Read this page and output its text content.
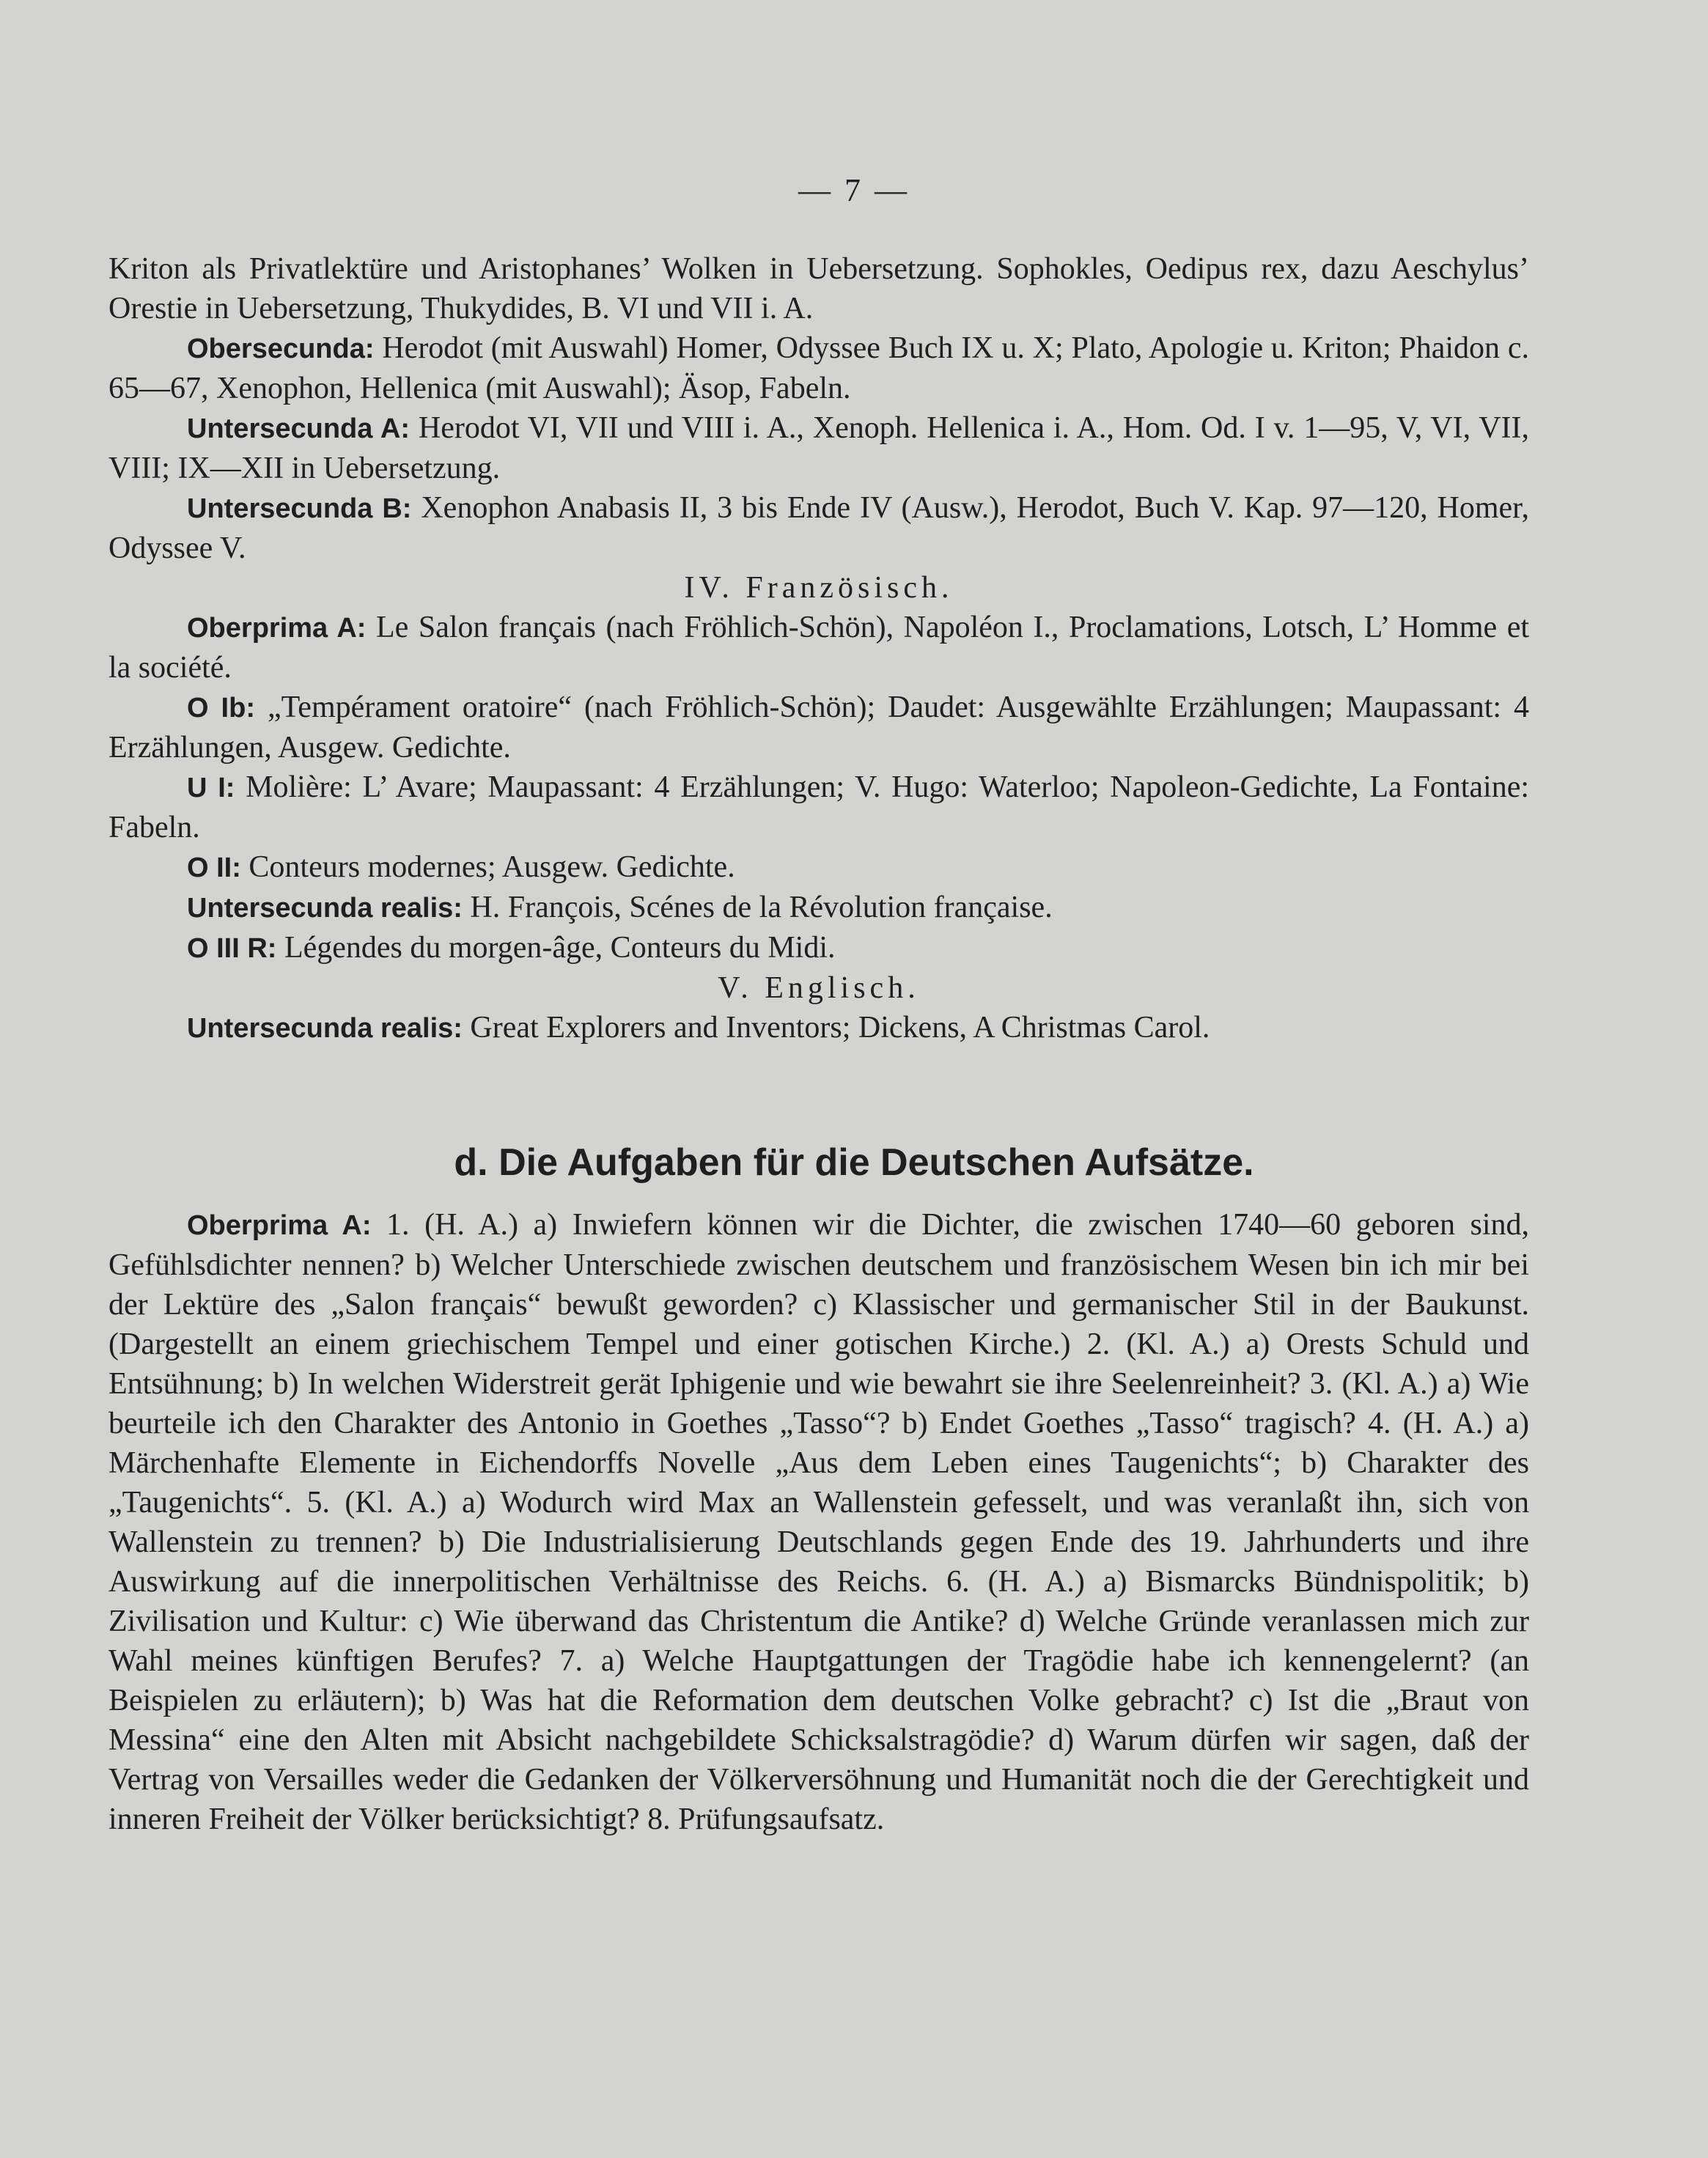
— 7 —

Kriton als Privatlektüre und Aristophanes’ Wolken in Uebersetzung. Sophokles, Oedipus rex, dazu Aeschylus’ Orestie in Uebersetzung, Thukydides, B. VI und VII i. A.

Obersecunda: Herodot (mit Auswahl) Homer, Odyssee Buch IX u. X; Plato, Apologie u. Kriton; Phaidon c. 65—67, Xenophon, Hellenica (mit Auswahl); Äsop, Fabeln.

Untersecunda A: Herodot VI, VII und VIII i. A., Xenoph. Hellenica i. A., Hom. Od. I v. 1—95, V, VI, VII, VIII; IX—XII in Uebersetzung.

Untersecunda B: Xenophon Anabasis II, 3 bis Ende IV (Ausw.), Herodot, Buch V. Kap. 97—120, Homer, Odyssee V.

IV. Französisch.

Oberprima A: Le Salon français (nach Fröhlich-Schön), Napoléon I., Proclamations, Lotsch, L’ Homme et la société.

O Ib: „Tempérament oratoire“ (nach Fröhlich-Schön); Daudet: Ausgewählte Erzählungen; Maupassant: 4 Erzählungen, Ausgew. Gedichte.

U I: Molière: L’ Avare; Maupassant: 4 Erzählungen; V. Hugo: Waterloo; Napoleon-Gedichte, La Fontaine: Fabeln.

O II: Conteurs modernes; Ausgew. Gedichte.

Untersecunda realis: H. François, Scénes de la Révolution française.

O III R: Légendes du morgen-âge, Conteurs du Midi.

V. Englisch.

Untersecunda realis: Great Explorers and Inventors; Dickens, A Christmas Carol.

d. Die Aufgaben für die Deutschen Aufsätze.

Oberprima A: 1. (H. A.) a) Inwiefern können wir die Dichter, die zwischen 1740—60 geboren sind, Gefühlsdichter nennen? b) Welcher Unterschiede zwischen deutschem und französischem Wesen bin ich mir bei der Lektüre des „Salon français“ bewußt geworden? c) Klassischer und germanischer Stil in der Baukunst. (Dargestellt an einem griechischem Tempel und einer gotischen Kirche.) 2. (Kl. A.) a) Orests Schuld und Entsühnung; b) In welchen Widerstreit gerät Iphigenie und wie bewahrt sie ihre Seelenreinheit? 3. (Kl. A.) a) Wie beurteile ich den Charakter des Antonio in Goethes „Tasso“? b) Endet Goethes „Tasso“ tragisch? 4. (H. A.) a) Märchenhafte Elemente in Eichendorffs Novelle „Aus dem Leben eines Taugenichts“; b) Charakter des „Taugenichts“. 5. (Kl. A.) a) Wodurch wird Max an Wallenstein gefesselt, und was veranlaßt ihn, sich von Wallenstein zu trennen? b) Die Industrialisierung Deutschlands gegen Ende des 19. Jahrhunderts und ihre Auswirkung auf die innerpolitischen Verhältnisse des Reichs. 6. (H. A.) a) Bismarcks Bündnispolitik; b) Zivilisation und Kultur: c) Wie überwand das Christentum die Antike? d) Welche Gründe veranlassen mich zur Wahl meines künftigen Berufes? 7. a) Welche Hauptgattungen der Tragödie habe ich kennengelernt? (an Beispielen zu erläutern); b) Was hat die Reformation dem deutschen Volke gebracht? c) Ist die „Braut von Messina“ eine den Alten mit Absicht nachgebildete Schicksalstragödie? d) Warum dürfen wir sagen, daß der Vertrag von Versailles weder die Gedanken der Völkerversöhnung und Humanität noch die der Gerechtigkeit und inneren Freiheit der Völker berücksichtigt? 8. Prüfungsaufsatz.
